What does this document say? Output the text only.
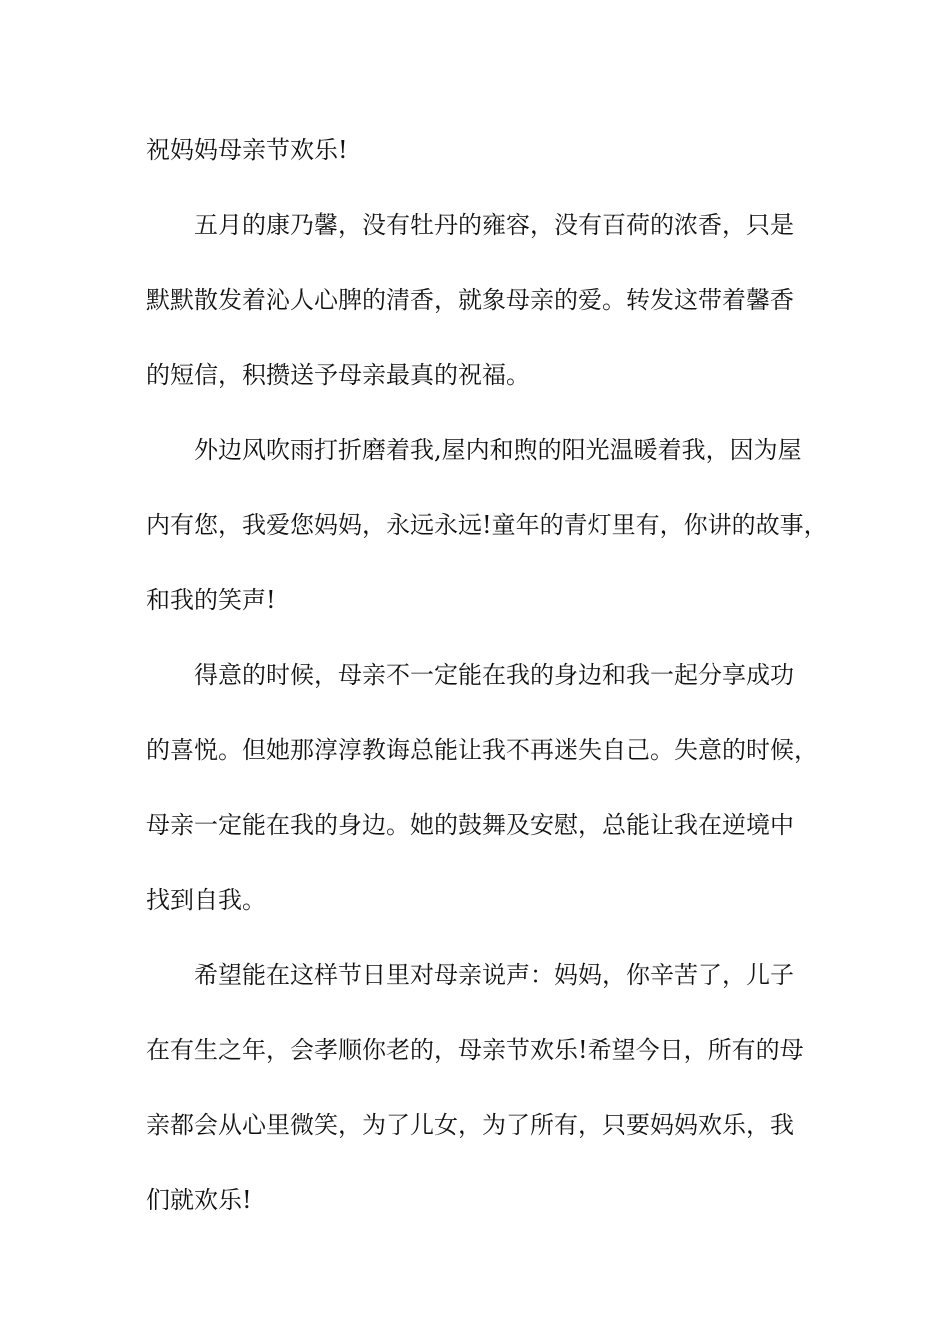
祝妈妈母亲节欢乐!
五月的康乃馨，没有牡丹的雍容，没有百荷的浓香，只是
默默散发着沁人心脾的清香，就象母亲的爱。转发这带着馨香
的短信，积攒送予母亲最真的祝福。
外边风吹雨打折磨着我,屋内和煦的阳光温暖着我，因为屋
内有您，我爱您妈妈，永远永远!童年的青灯里有，你讲的故事，
和我的笑声!
得意的时候，母亲不一定能在我的身边和我一起分享成功
的喜悦。但她那淳淳教诲总能让我不再迷失自己。失意的时候，
母亲一定能在我的身边。她的鼓舞及安慰，总能让我在逆境中
找到自我。
希望能在这样节日里对母亲说声：妈妈，你辛苦了，儿子
在有生之年，会孝顺你老的，母亲节欢乐!希望今日，所有的母
亲都会从心里微笑，为了儿女，为了所有，只要妈妈欢乐，我
们就欢乐!
